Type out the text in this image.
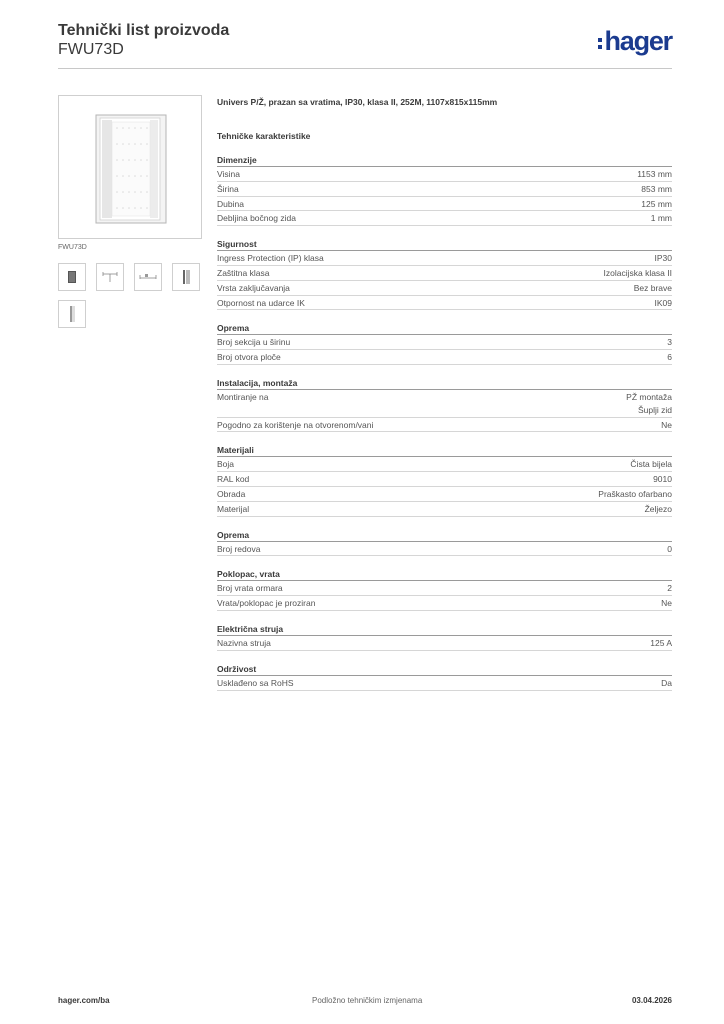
Tehnički list proizvoda
FWU73D	hager
FWU73D
Univers P/Ž, prazan sa vratima, IP30, klasa II, 252M, 1107x815x115mm
Tehničke karakteristike
Dimenzije
Visina	1153 mm
Širina	853 mm
Dubina	125 mm
Debljina bočnog zida	1 mm
Sigurnost
Ingress Protection (IP) klasa	IP30
Zaštitna klasa	Izolacijska klasa II
Vrsta zaključavanja	Bez brave
Otpornost na udarce IK	IK09
Oprema
Broj sekcija u širinu	3
Broj otvora ploče	6
Instalacija, montaža
Montiranje na	PŽ montaža
Šuplji zid
Pogodno za korištenje na otvorenom/vani	Ne
Materijali
Boja	Čista bijela
RAL kod	9010
Obrada	Praškasto ofarbano
Materijal	Željezo
Oprema
Broj redova	0
Poklopac, vrata
Broj vrata ormara	2
Vrata/poklopac je proziran	Ne
Električna struja
Nazivna struja	125 A
Održivost
Usklađeno sa RoHS	Da
hager.com/ba	Podložno tehničkim izmjenama	03.04.2026
